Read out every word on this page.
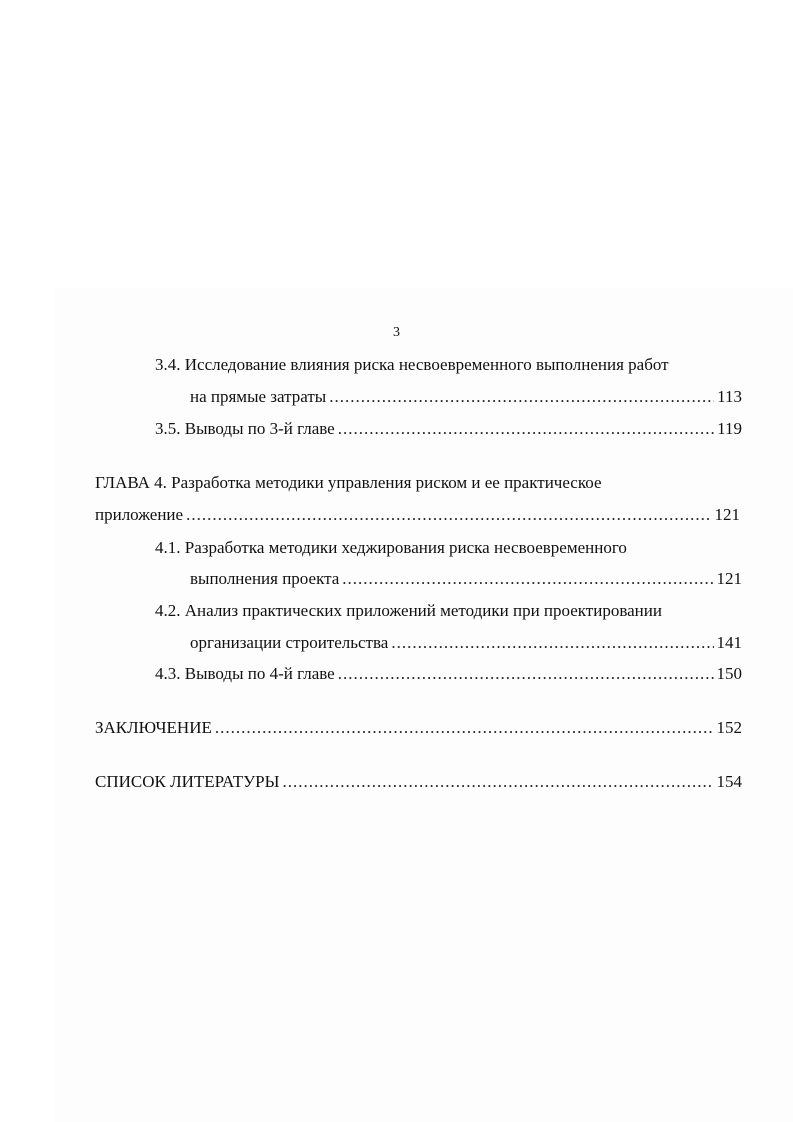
3
3.4. Исследование влияния риска несвоевременного выполнения работ
на прямые затраты .....	113
3.5. Выводы по 3-й главе .....	119
ГЛАВА 4. Разработка методики управления риском и ее практическое
приложение .....	121
4.1. Разработка методики хеджирования риска несвоевременного
выполнения проекта .....	121
4.2. Анализ практических приложений методики при проектировании
организации строительства .....	141
4.3. Выводы по 4-й главе .....	150
ЗАКЛЮЧЕНИЕ .....	152
СПИСОК ЛИТЕРАТУРЫ .....	154
